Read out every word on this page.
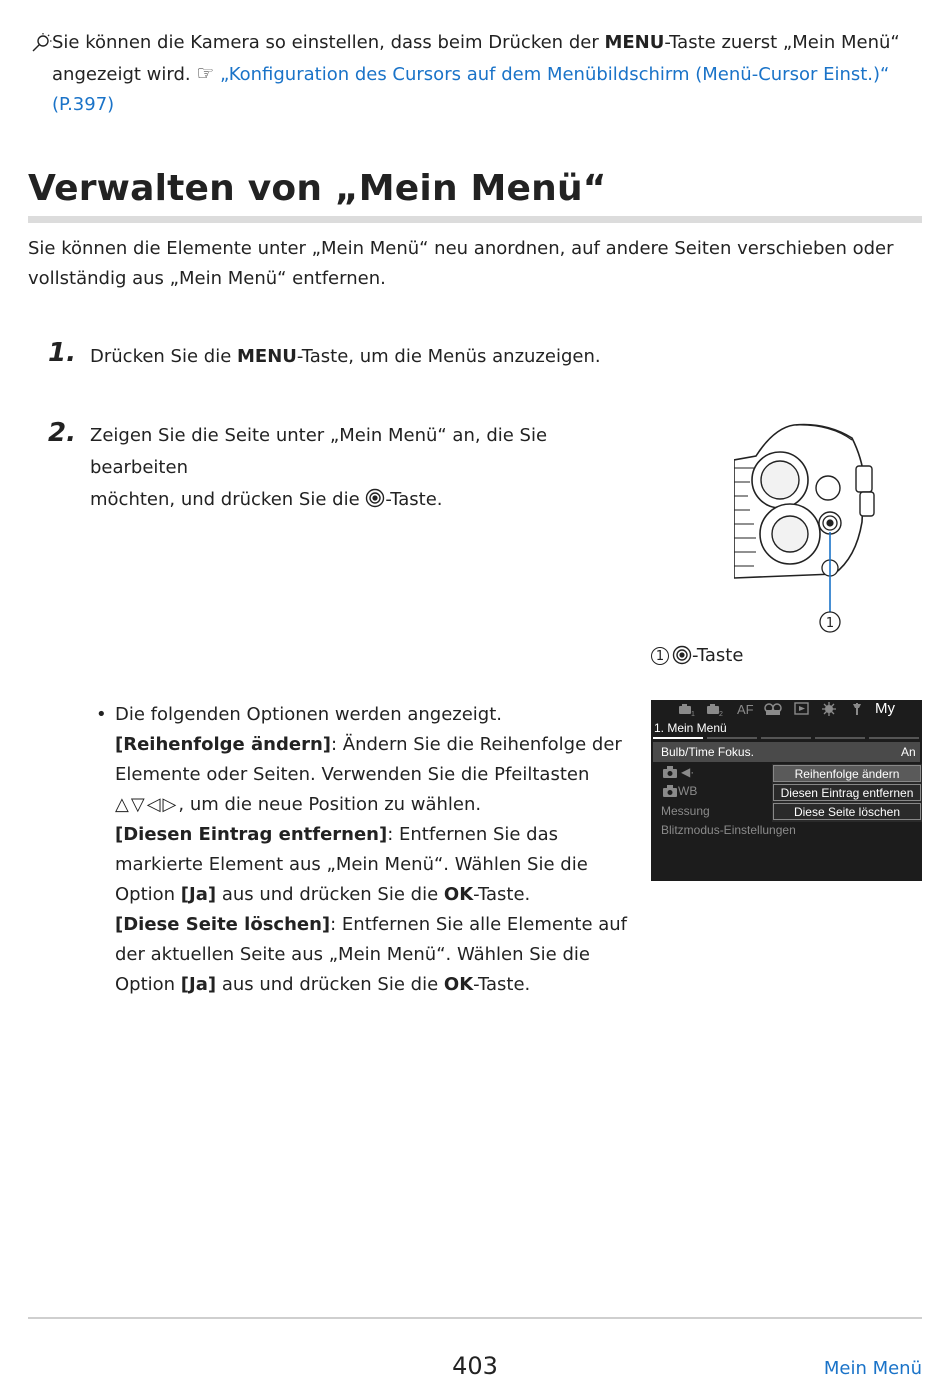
Sie können die Kamera so einstellen, dass beim Drücken der MENU-Taste zuerst „Mein Menü“
angezeigt wird. ☞ „Konfiguration des Cursors auf dem Menübildschirm (Menü-Cursor Einst.)“
(P.397)
Verwalten von „Mein Menü“
Sie können die Elemente unter „Mein Menü“ neu anordnen, auf andere Seiten verschieben oder vollständig aus „Mein Menü“ entfernen.
1. Drücken Sie die MENU-Taste, um die Menüs anzuzeigen.
2. Zeigen Sie die Seite unter „Mein Menü“ an, die Sie bearbeiten
möchten, und drücken Sie die -Taste.
1
1 -Taste
• Die folgenden Optionen werden angezeigt.
[Reihenfolge ändern]: Ändern Sie die Reihenfolge der Elemente oder Seiten. Verwenden Sie die Pfeiltasten
△▽◁▷, um die neue Position zu wählen.
[Diesen Eintrag entfernen]: Entfernen Sie das markierte Element aus „Mein Menü“. Wählen Sie die Option [Ja] aus und drücken Sie die OK-Taste.
[Diese Seite löschen]: Entfernen Sie alle Elemente auf der aktuellen Seite aus „Mein Menü“. Wählen Sie die Option [Ja] aus und drücken Sie die OK-Taste.
1	2 AF	My
1. Mein Menü
Bulb/Time Fokus.	An
◀·
WB
Messung
Blitzmodus-Einstellungen
Reihenfolge ändern
Diesen Eintrag entfernen
Diese Seite löschen
403	Mein Menü
